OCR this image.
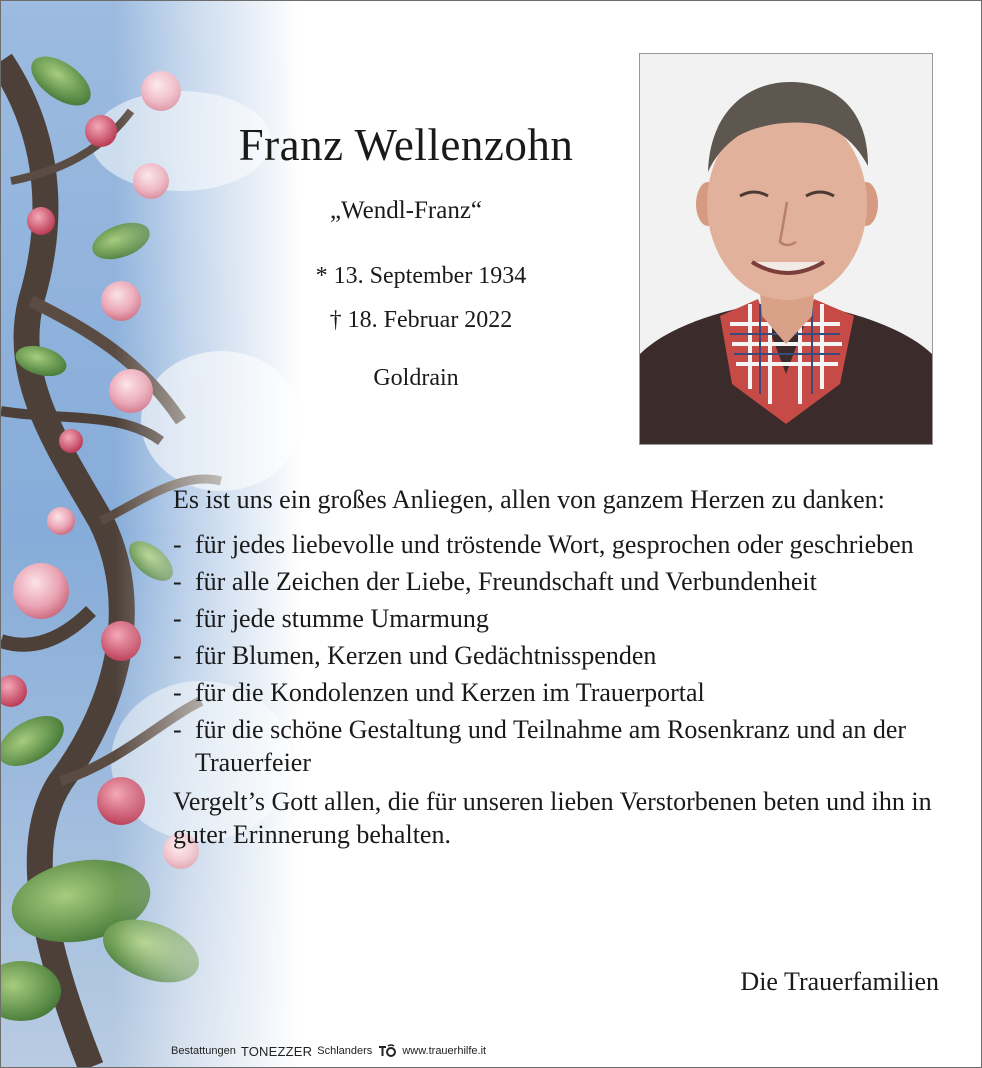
Franz Wellenzohn
„Wendl-Franz“
* 13. September 1934
† 18. Februar 2022
Goldrain

Es ist uns ein großes Anliegen, allen von ganzem Herzen zu danken:

- für jedes liebevolle und tröstende Wort, gesprochen oder geschrieben
- für alle Zeichen der Liebe, Freundschaft und Verbundenheit
- für jede stumme Umarmung
- für Blumen, Kerzen und Gedächtnisspenden
- für die Kondolenzen und Kerzen im Trauerportal
- für die schöne Gestaltung und Teilnahme am Rosenkranz und an der Trauerfeier

Vergelt’s Gott allen, die für unseren lieben Verstorbenen beten und ihn in guter Erinnerung behalten.

Die Trauerfamilien
Bestattungen TONEZZER Schlanders	www.trauerhilfe.it
